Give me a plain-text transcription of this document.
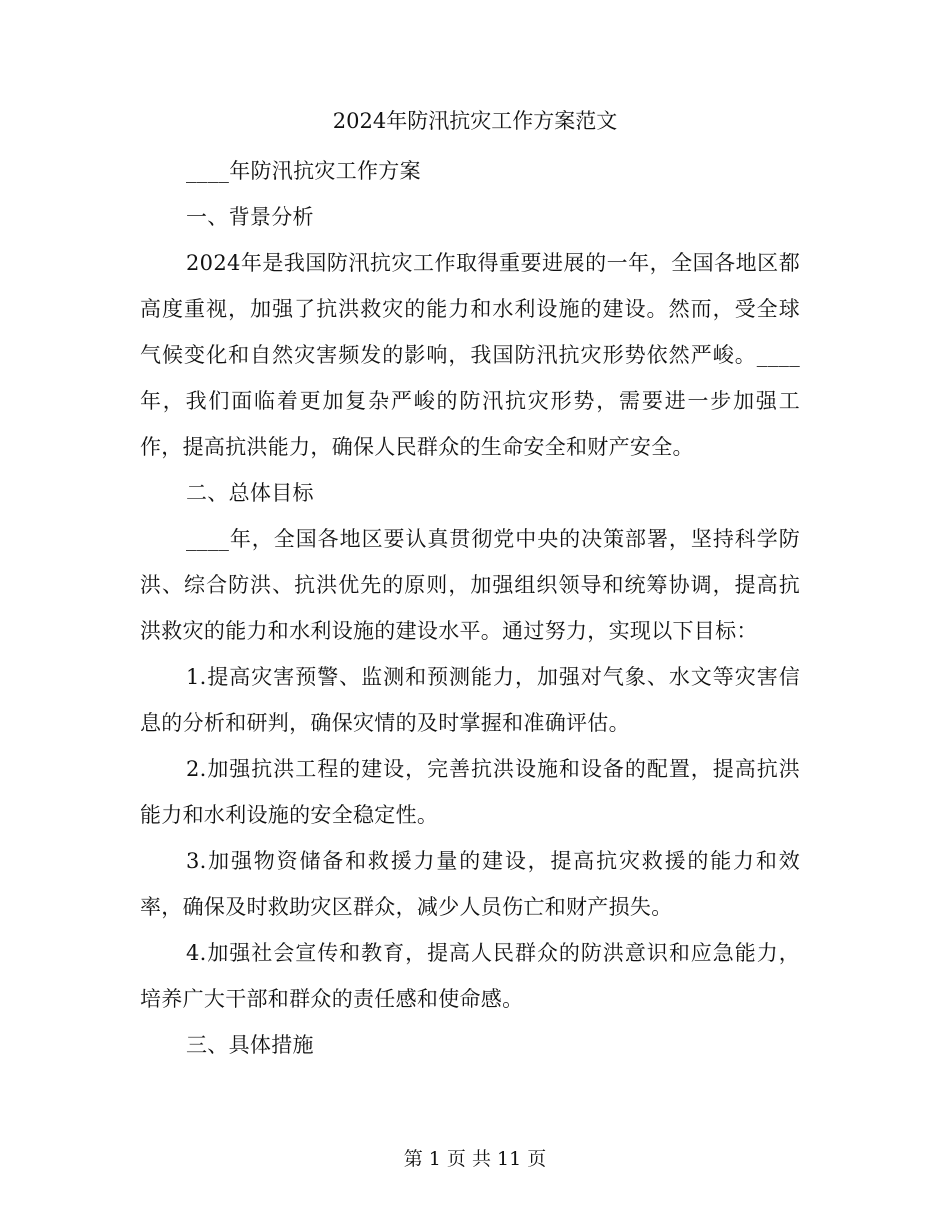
2024年防汛抗灾工作方案范文

____年防汛抗灾工作方案

一、背景分析

2024年是我国防汛抗灾工作取得重要进展的一年，全国各地区都高度重视，加强了抗洪救灾的能力和水利设施的建设。然而，受全球气候变化和自然灾害频发的影响，我国防汛抗灾形势依然严峻。____年，我们面临着更加复杂严峻的防汛抗灾形势，需要进一步加强工作，提高抗洪能力，确保人民群众的生命安全和财产安全。

二、总体目标

____年，全国各地区要认真贯彻党中央的决策部署，坚持科学防洪、综合防洪、抗洪优先的原则，加强组织领导和统筹协调，提高抗洪救灾的能力和水利设施的建设水平。通过努力，实现以下目标：

1.提高灾害预警、监测和预测能力，加强对气象、水文等灾害信息的分析和研判，确保灾情的及时掌握和准确评估。

2.加强抗洪工程的建设，完善抗洪设施和设备的配置，提高抗洪能力和水利设施的安全稳定性。

3.加强物资储备和救援力量的建设，提高抗灾救援的能力和效率，确保及时救助灾区群众，减少人员伤亡和财产损失。

4.加强社会宣传和教育，提高人民群众的防洪意识和应急能力，培养广大干部和群众的责任感和使命感。

三、具体措施

第 1 页 共 11 页
